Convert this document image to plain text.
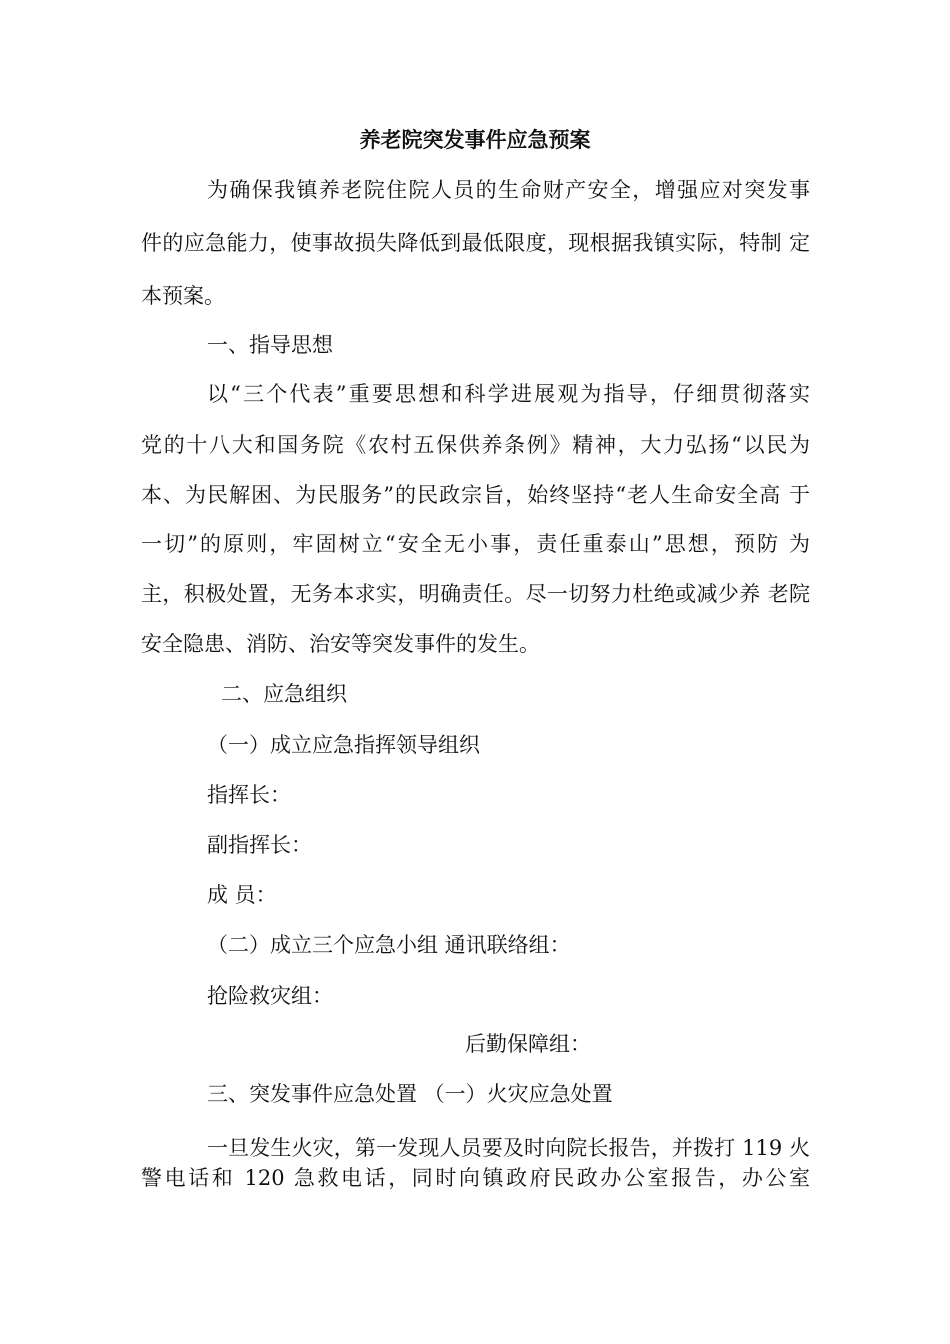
养老院突发事件应急预案

为确保我镇养老院住院人员的生命财产安全，增强应对突发事

件的应急能力，使事故损失降低到最低限度，现根据我镇实际，特制 定

本预案。

一、指导思想

以“三个代表”重要思想和科学进展观为指导，仔细贯彻落实

党的十八大和国务院《农村五保供养条例》精神，大力弘扬“以民为

本、为民解困、为民服务”的民政宗旨，始终坚持“老人生命安全高 于

一切”的原则，牢固树立“安全无小事，责任重泰山”思想，预防 为

主，积极处置，无务本求实，明确责任。尽一切努力杜绝或减少养 老院

安全隐患、消防、治安等突发事件的发生。

二、应急组织

（一）成立应急指挥领导组织

指挥长：

副指挥长：

成 员：

（二）成立三个应急小组 通讯联络组：

抢险救灾组：

后勤保障组：

三、突发事件应急处置 （一）火灾应急处置

一旦发生火灾，第一发现人员要及时向院长报告，并拨打 119 火

警电话和 120 急救电话，同时向镇政府民政办公室报告，办公室
